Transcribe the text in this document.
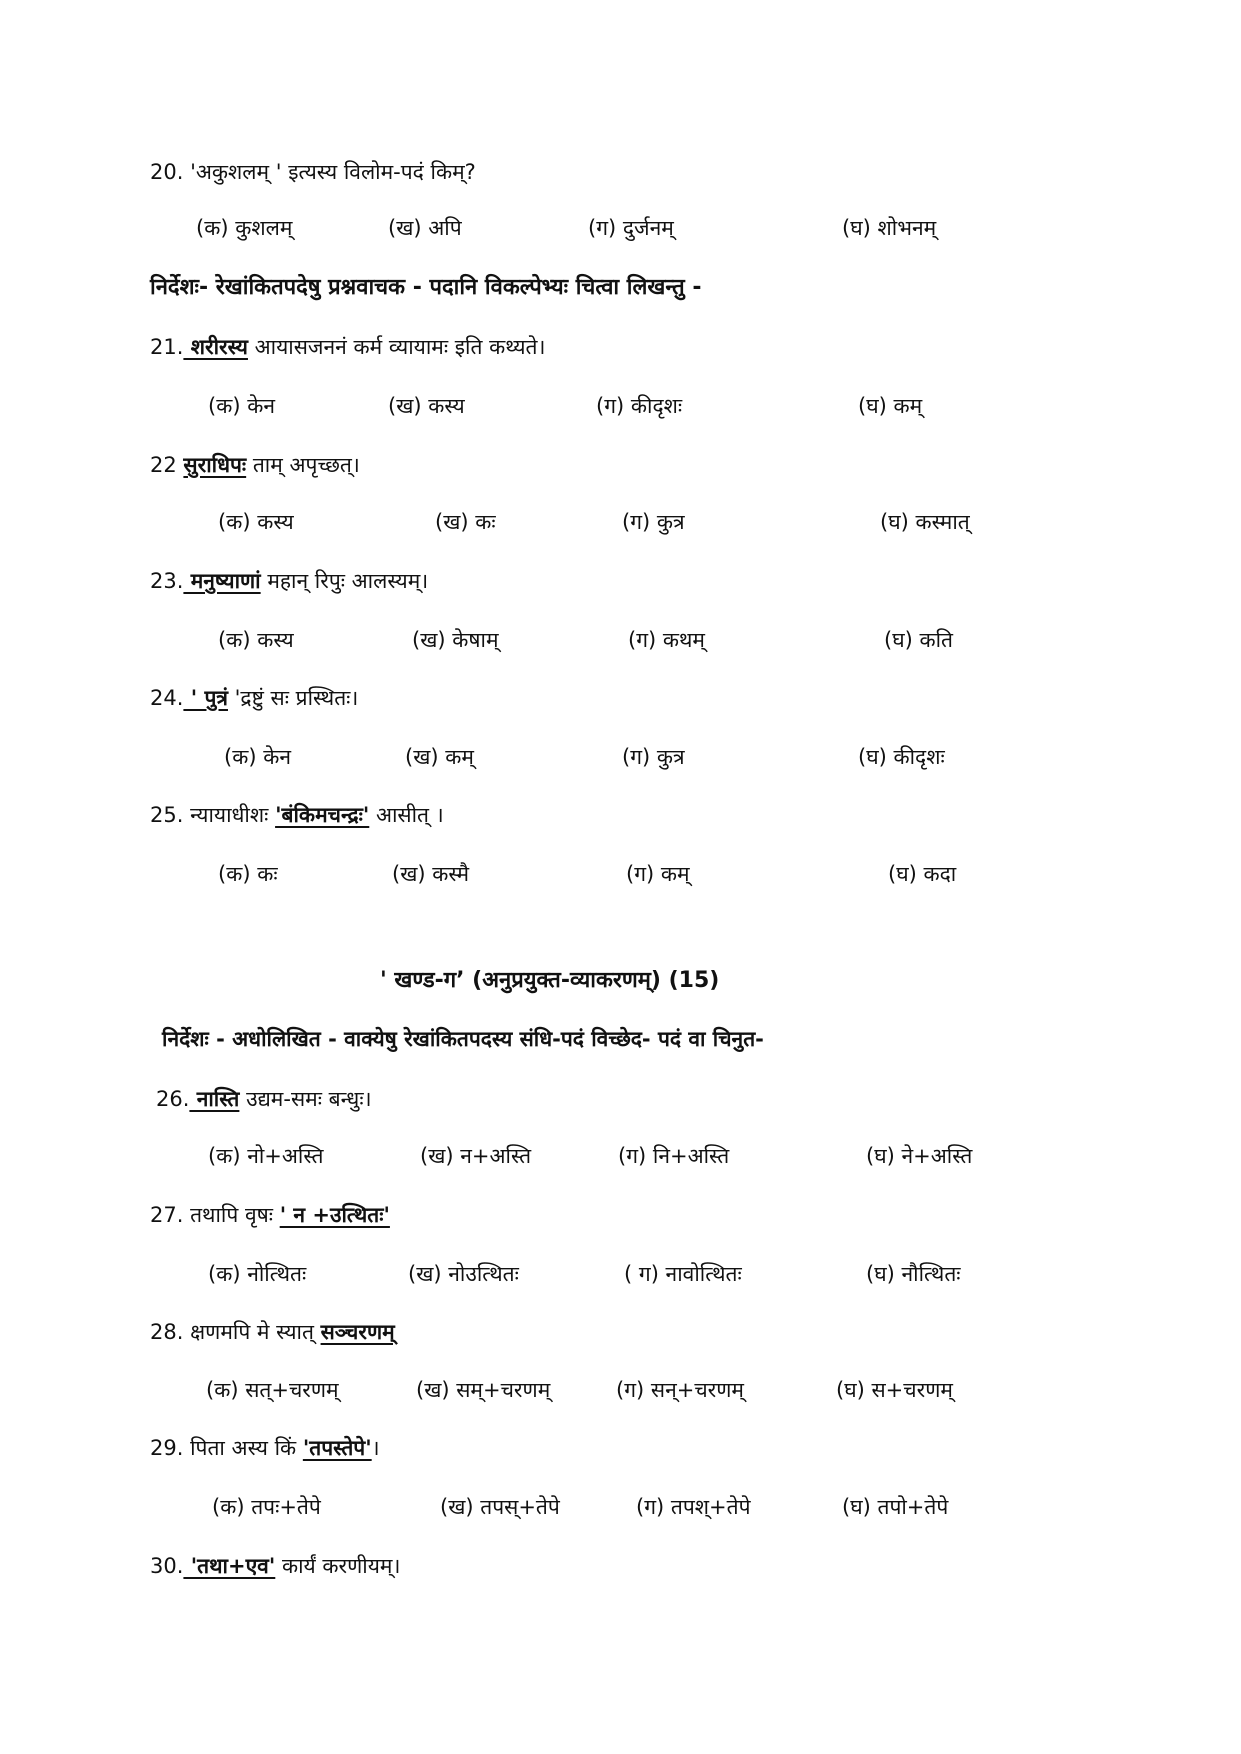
20. 'अकुशलम् ' इत्यस्य विलोम-पदं किम्?
(क) कुशलम्	(ख) अपि	(ग) दुर्जनम्	(घ) शोभनम्
निर्देशः- रेखांकितपदेषु प्रश्नवाचक - पदानि विकल्पेभ्यः चित्वा लिखन्तु -
21. शरीरस्य आयासजननं कर्म व्यायामः इति कथ्यते।
(क) केन	(ख) कस्य	(ग) कीदृशः	(घ) कम्
22 सुराधिपः ताम् अपृच्छत्।
(क) कस्य	(ख) कः	(ग) कुत्र	(घ) कस्मात्
23. मनुष्याणां महान् रिपुः आलस्यम्।
(क) कस्य	(ख) केषाम्	(ग) कथम्	(घ) कति
24. ' पुत्रं 'द्रष्टुं सः प्रस्थितः।
(क) केन	(ख) कम्	(ग) कुत्र	(घ) कीदृशः
25. न्यायाधीशः 'बंकिमचन्द्रः' आसीत् ।
(क) कः	(ख) कस्मै	(ग) कम्	(घ) कदा
' खण्ड-ग’ (अनुप्रयुक्त-व्याकरणम्) (15)
निर्देशः - अधोलिखित - वाक्येषु रेखांकितपदस्य संधि-पदं विच्छेद- पदं वा चिनुत-
26. नास्ति उद्यम-समः बन्धुः।
(क) नो+अस्ति	(ख) न+अस्ति	(ग) नि+अस्ति	(घ) ने+अस्ति
27. तथापि वृषः ' न +उत्थितः'
(क) नोत्थितः	(ख) नोउत्थितः	( ग) नावोत्थितः	(घ) नौत्थितः
28. क्षणमपि मे स्यात् सञ्चरणम्
(क) सत्+चरणम्	(ख) सम्+चरणम्	(ग) सन्+चरणम्	(घ) स+चरणम्
29. पिता अस्य किं 'तपस्तेपे'।
(क) तपः+तेपे	(ख) तपस्+तेपे	(ग) तपश्+तेपे	(घ) तपो+तेपे
30. 'तथा+एव' कार्यं करणीयम्।
